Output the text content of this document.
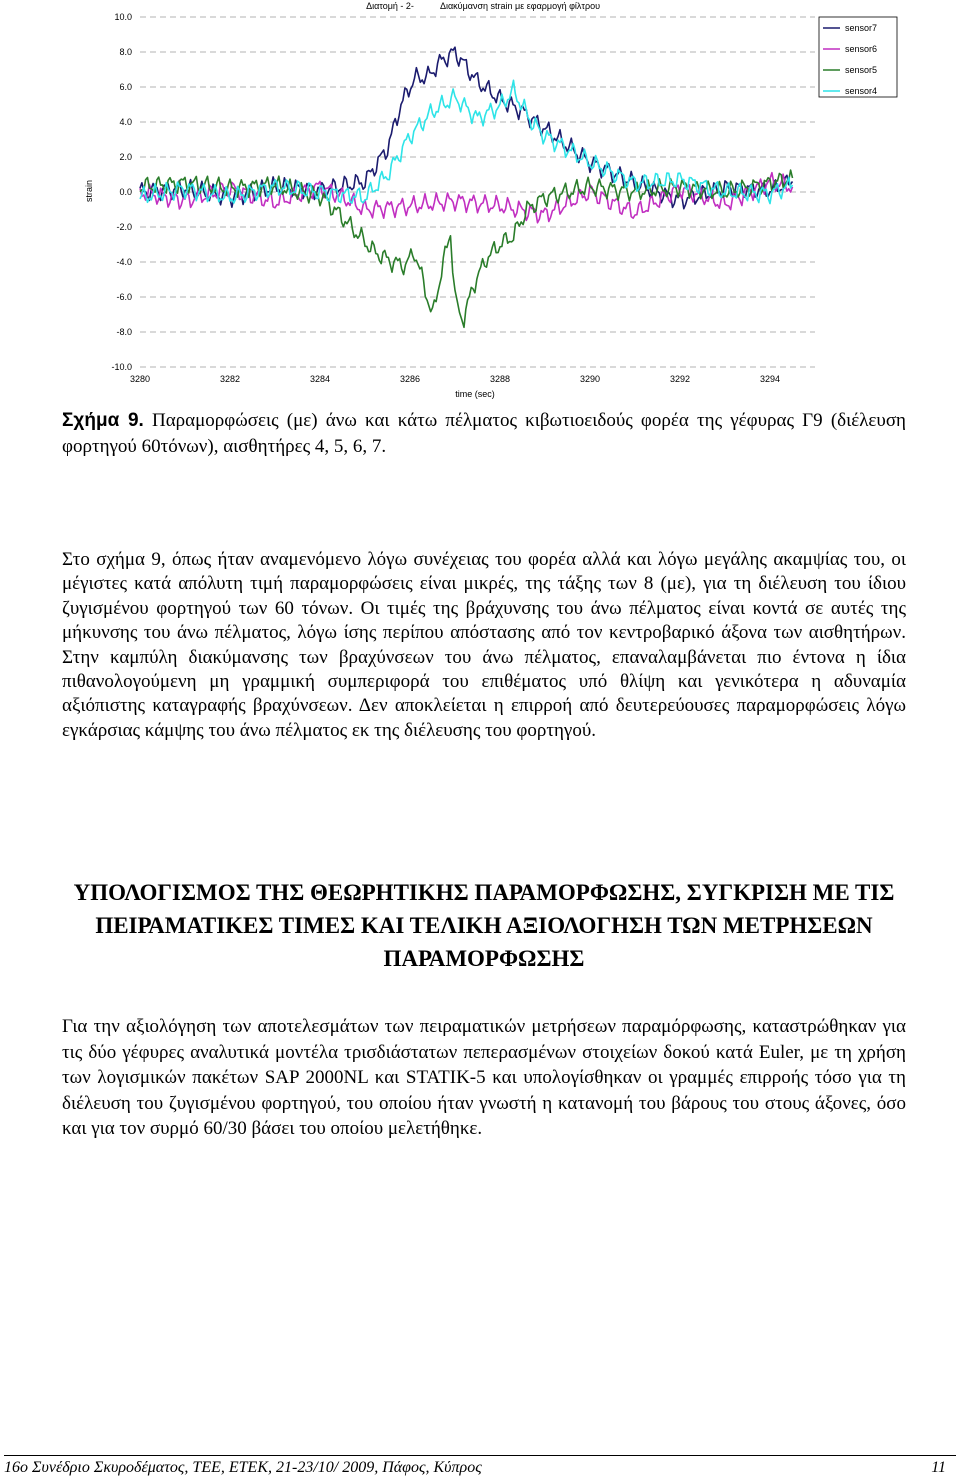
Διατομή - 2-	Διακύμανση strain με εφαρμογή φίλτρου
10.0
8.0
6.0
4.0
2.0
0.0
-2.0
-4.0
-6.0
-8.0
-10.0
3280	3282	3284	3286	3288	3290	3292	3294
strain
time (sec)
sensor7
sensor6
sensor5
sensor4
Σχήμα 9. Παραμορφώσεις (με) άνω και κάτω πέλματος κιβωτιοειδούς φορέα της γέφυρας Γ9 (διέλευση φορτηγού 60τόνων), αισθητήρες 4, 5, 6, 7.

Στο σχήμα 9, όπως ήταν αναμενόμενο λόγω συνέχειας του φορέα αλλά και λόγω μεγάλης ακαμψίας του, οι μέγιστες κατά απόλυτη τιμή παραμορφώσεις είναι μικρές, της τάξης των 8 (με), για τη διέλευση του ίδιου ζυγισμένου φορτηγού των 60 τόνων. Οι τιμές της βράχυνσης του άνω πέλματος είναι κοντά σε αυτές της μήκυνσης του άνω πέλματος, λόγω ίσης περίπου απόστασης από τον κεντροβαρικό άξονα των αισθητήρων. Στην καμπύλη διακύμανσης των βραχύνσεων του άνω πέλματος, επαναλαμβάνεται πιο έντονα η ίδια πιθανολογούμενη μη γραμμική συμπεριφορά του επιθέματος υπό θλίψη και γενικότερα η αδυναμία αξιόπιστης καταγραφής βραχύνσεων. Δεν αποκλείεται η επιρροή από δευτερεύουσες παραμορφώσεις λόγω εγκάρσιας κάμψης του άνω πέλματος εκ της διέλευσης του φορτηγού.

ΥΠΟΛΟΓΙΣΜΟΣ ΤΗΣ ΘΕΩΡΗΤΙΚΗΣ ΠΑΡΑΜΟΡΦΩΣΗΣ, ΣΥΓΚΡΙΣΗ ΜΕ ΤΙΣ ΠΕΙΡΑΜΑΤΙΚΕΣ ΤΙΜΕΣ ΚΑΙ ΤΕΛΙΚΗ ΑΞΙΟΛΟΓΗΣΗ ΤΩΝ ΜΕΤΡΗΣΕΩΝ ΠΑΡΑΜΟΡΦΩΣΗΣ

Για την αξιολόγηση των αποτελεσμάτων των πειραματικών μετρήσεων παραμόρφωσης, καταστρώθηκαν για τις δύο γέφυρες αναλυτικά μοντέλα τρισδιάστατων πεπερασμένων στοιχείων δοκού κατά Euler, με τη χρήση των λογισμικών πακέτων SAP 2000NL και STATIK-5 και υπολογίσθηκαν οι γραμμές επιρροής τόσο για τη διέλευση του ζυγισμένου φορτηγού, του οποίου ήταν γνωστή η κατανομή του βάρους του στους άξονες, όσο και για τον συρμό 60/30 βάσει του οποίου μελετήθηκε.

16ο Συνέδριο Σκυροδέματος, ΤΕΕ, ΕΤΕΚ, 21-23/10/ 2009, Πάφος, Κύπρος	11
